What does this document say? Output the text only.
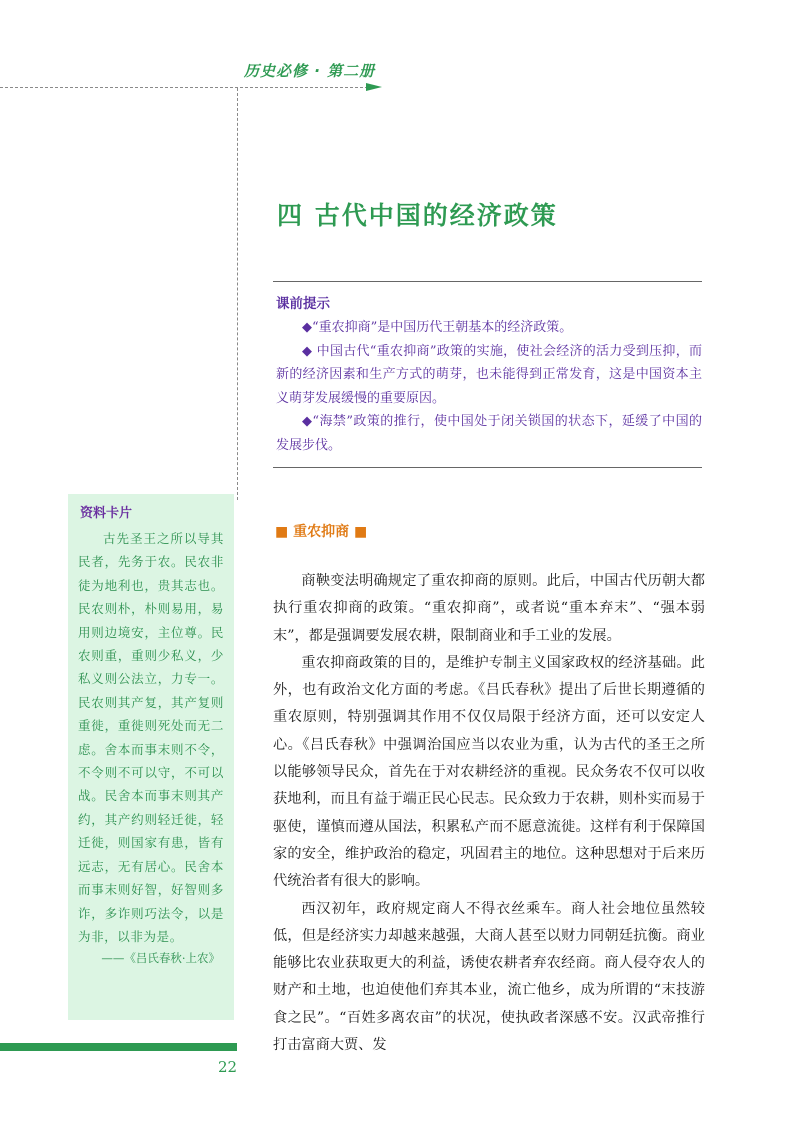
历史必修 · 第二册
四 古代中国的经济政策
课前提示

◆“重农抑商”是中国历代王朝基本的经济政策。

◆ 中国古代“重农抑商”政策的实施，使社会经济的活力受到压抑，而新的经济因素和生产方式的萌芽，也未能得到正常发育，这是中国资本主义萌芽发展缓慢的重要原因。

◆“海禁”政策的推行，使中国处于闭关锁国的状态下，延缓了中国的发展步伐。

资料卡片
古先圣王之所以导其民者，先务于农。民农非徒为地利也，贵其志也。民农则朴，朴则易用，易用则边境安，主位尊。民农则重，重则少私义，少私义则公法立，力专一。民农则其产复，其产复则重徙，重徙则死处而无二虑。舍本而事末则不令，不令则不可以守，不可以战。民舍本而事末则其产约，其产约则轻迁徙，轻迁徙，则国家有患，皆有远志，无有居心。民舍本而事末则好智，好智则多诈，多诈则巧法令，以是为非，以非为是。
——《吕氏春秋·上农》
■ 重农抑商 ■

商鞅变法明确规定了重农抑商的原则。此后，中国古代历朝大都执行重农抑商的政策。“重农抑商”，或者说“重本弃末”、“强本弱末”，都是强调要发展农耕，限制商业和手工业的发展。

重农抑商政策的目的，是维护专制主义国家政权的经济基础。此外，也有政治文化方面的考虑。《吕氏春秋》提出了后世长期遵循的重农原则，特别强调其作用不仅仅局限于经济方面，还可以安定人心。《吕氏春秋》中强调治国应当以农业为重，认为古代的圣王之所以能够领导民众，首先在于对农耕经济的重视。民众务农不仅可以收获地利，而且有益于端正民心民志。民众致力于农耕，则朴实而易于驱使，谨慎而遵从国法，积累私产而不愿意流徙。这样有利于保障国家的安全，维护政治的稳定，巩固君主的地位。这种思想对于后来历代统治者有很大的影响。

西汉初年，政府规定商人不得衣丝乘车。商人社会地位虽然较低，但是经济实力却越来越强，大商人甚至以财力同朝廷抗衡。商业能够比农业获取更大的利益，诱使农耕者弃农经商。商人侵夺农人的财产和土地，也迫使他们弃其本业，流亡他乡，成为所谓的“末技游食之民”。“百姓多离农亩”的状况，使执政者深感不安。汉武帝推行打击富商大贾、发

22
